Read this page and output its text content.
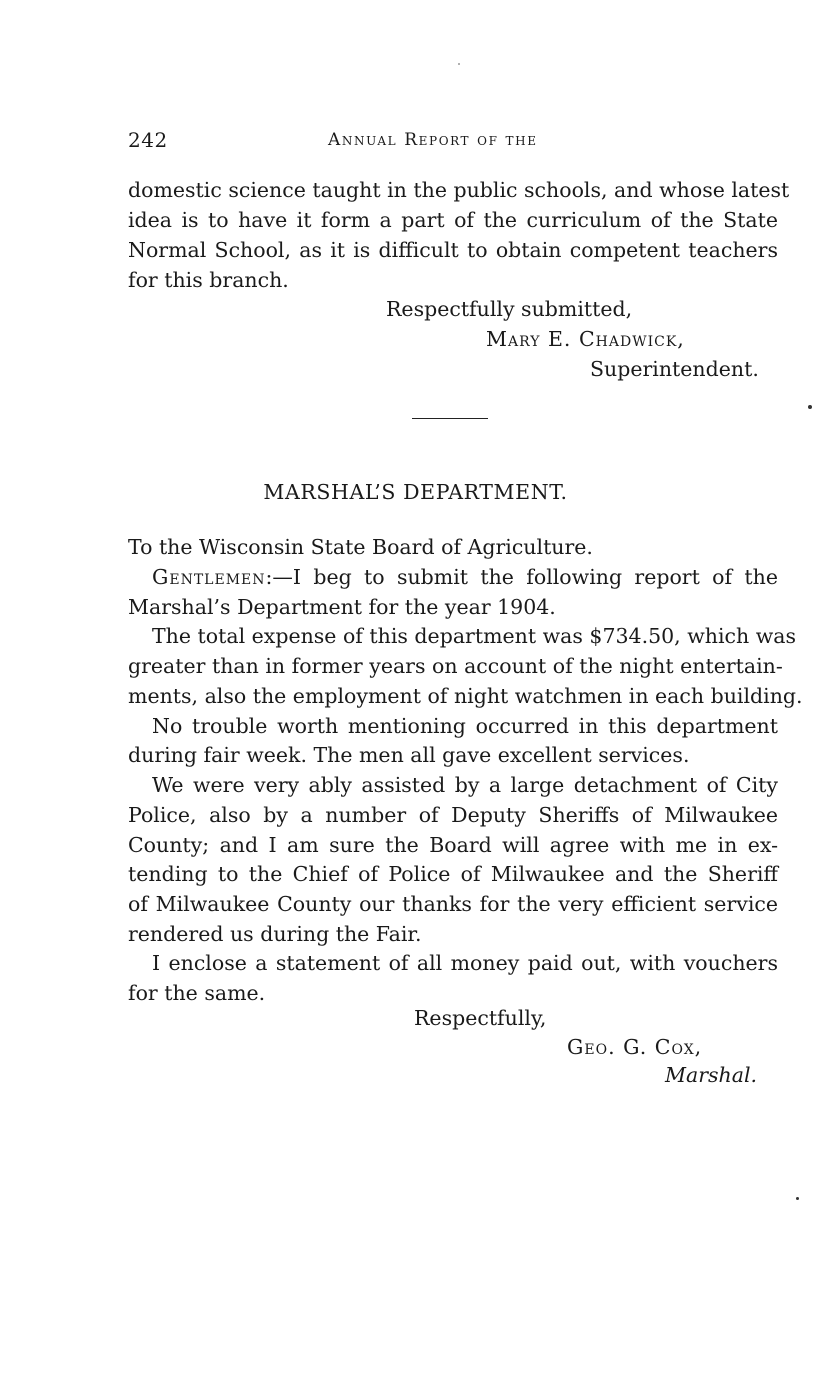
242	Annual Report of the
domestic science taught in the public schools, and whose latest
idea is to have it form a part of the curriculum of the State
Normal School, as it is difficult to obtain competent teachers
for this branch.
Respectfully submitted,
Mary E. Chadwick,
Superintendent.
MARSHAL’S DEPARTMENT.
To the Wisconsin State Board of Agriculture.
Gentlemen:—I beg to submit the following report of the
Marshal’s Department for the year 1904.
The total expense of this department was $734.50, which was
greater than in former years on account of the night entertain-
ments, also the employment of night watchmen in each building.
No trouble worth mentioning occurred in this department
during fair week. The men all gave excellent services.
We were very ably assisted by a large detachment of City
Police, also by a number of Deputy Sheriffs of Milwaukee
County; and I am sure the Board will agree with me in ex-
tending to the Chief of Police of Milwaukee and the Sheriff
of Milwaukee County our thanks for the very efficient service
rendered us during the Fair.
I enclose a statement of all money paid out, with vouchers
for the same.
Respectfully,
Geo. G. Cox,
Marshal.
